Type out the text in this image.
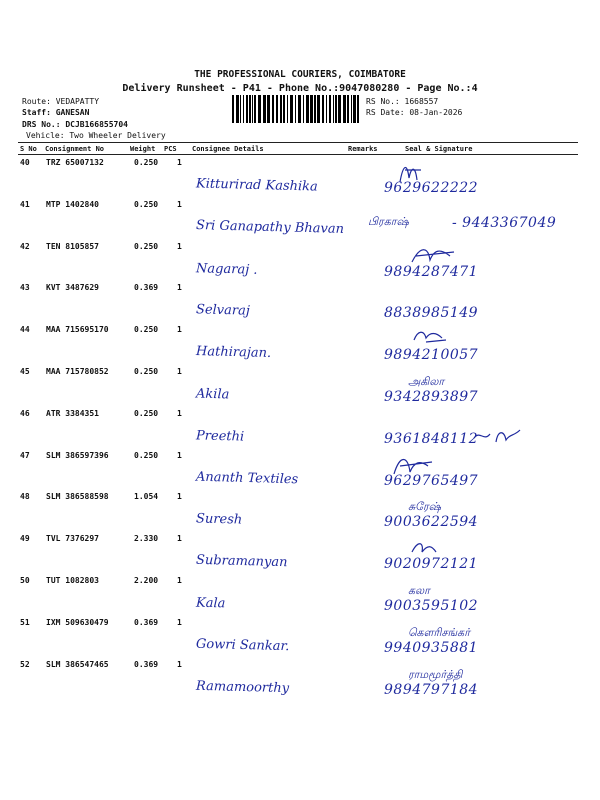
THE PROFESSIONAL COURIERS, COIMBATORE
Delivery Runsheet - P41 - Phone No.:9047080280 - Page No.:4
Route: VEDAPATTY
Staff: GANESAN
DRS No.: DCJB166855704
Vehicle: Two Wheeler Delivery
RS No.: 1668557
RS Date: 08-Jan-2026
S No Consignment No	Weight PCS Consignee Details	Remarks	Seal & Signature
40 TRZ 65007132	0.250 1
Kitturirad Kashika	9629622222
41 MTP 1402840	0.250 1
Sri Ganapathy Bhavan	- 9443367049
பிரகாஷ்
42 TEN 8105857	0.250 1
Nagaraj .	9894287471
43 KVT 3487629	0.369 1
Selvaraj	8838985149
44 MAA 715695170	0.250 1
Hathirajan.	9894210057
45 MAA 715780852	0.250 1
Akila	9342893897
அகிலா
46 ATR 3384351	0.250 1
Preethi	9361848112
47 SLM 386597396	0.250 1
Ananth Textiles	9629765497
48 SLM 386588598	1.054 1
Suresh	9003622594
சுரேஷ்
49 TVL 7376297	2.330 1
Subramanyan	9020972121
50 TUT 1082803	2.200 1
Kala	9003595102
கலா
51 IXM 509630479	0.369 1
Gowri Sankar.	9940935881
கௌரிசங்கர்
52 SLM 386547465	0.369 1
Ramamoorthy	9894797184
ராமமூர்த்தி
